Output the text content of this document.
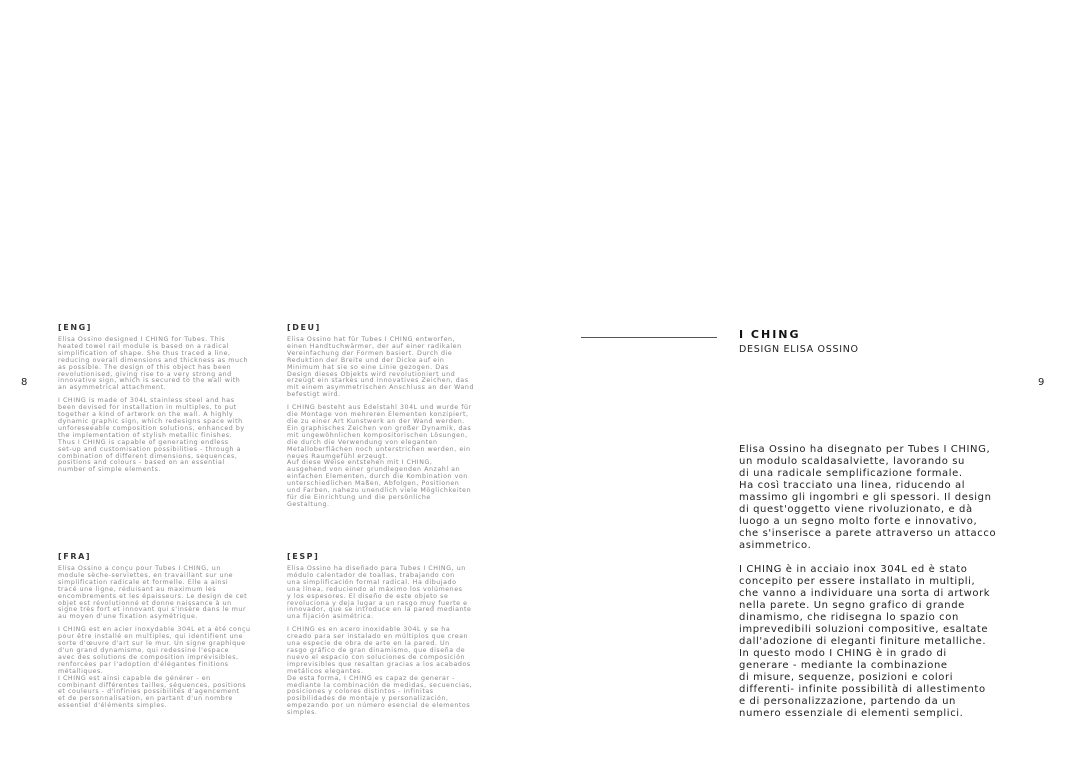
8	9
[ENG]

Elisa Ossino designed I CHING for Tubes. This
heated towel rail module is based on a radical
simplification of shape. She thus traced a line,
reducing overall dimensions and thickness as much
as possible. The design of this object has been
revolutionised, giving rise to a very strong and
innovative sign, which is secured to the wall with
an asymmetrical attachment.

I CHING is made of 304L stainless steel and has
been devised for installation in multiples, to put
together a kind of artwork on the wall. A highly
dynamic graphic sign, which redesigns space with
unforeseeable composition solutions, enhanced by
the implementation of stylish metallic finishes.
Thus I CHING is capable of generating endless
set-up and customisation possibilities - through a
combination of different dimensions, sequences,
positions and colours - based on an essential
number of simple elements.

[DEU]

Elisa Ossino hat für Tubes I CHING entworfen,
einen Handtuchwärmer, der auf einer radikalen
Vereinfachung der Formen basiert. Durch die
Reduktion der Breite und der Dicke auf ein
Minimum hat sie so eine Linie gezogen. Das
Design dieses Objekts wird revolutioniert und
erzeugt ein starkes und innovatives Zeichen, das
mit einem asymmetrischen Anschluss an der Wand
befestigt wird.

I CHING besteht aus Edelstahl 304L und wurde für
die Montage von mehreren Elementen konzipiert,
die zu einer Art Kunstwerk an der Wand werden.
Ein graphisches Zeichen von großer Dynamik, das
mit ungewöhnlichen kompositorischen Lösungen,
die durch die Verwendung von eleganten
Metalloberflächen noch unterstrichen werden, ein
neues Raumgefühl erzeugt.
Auf diese Weise entstehen mit I CHING,
ausgehend von einer grundlegenden Anzahl an
einfachen Elementen, durch die Kombination von
unterschiedlichen Maßen, Abfolgen, Positionen
und Farben, nahezu unendlich viele Möglichkeiten
für die Einrichtung und die persönliche
Gestaltung.

[FRA]

Elisa Ossino a conçu pour Tubes I CHING, un
module sèche-serviettes, en travaillant sur une
simplification radicale et formelle. Elle a ainsi
tracé une ligne, réduisant au maximum les
encombrements et les épaisseurs. Le design de cet
objet est révolutionné et donne naissance à un
signe très fort et innovant qui s'insère dans le mur
au moyen d'une fixation asymétrique.

I CHING est en acier inoxydable 304L et a été conçu
pour être installé en multiples, qui identifient une
sorte d'œuvre d'art sur le mur. Un signe graphique
d'un grand dynamisme, qui redessine l'espace
avec des solutions de composition imprévisibles,
renforcées par l'adoption d'élégantes finitions
métalliques.
I CHING est ainsi capable de générer - en
combinant différentes tailles, séquences, positions
et couleurs - d'infinies possibilités d'agencement
et de personnalisation, en partant d'un nombre
essentiel d'éléments simples.

[ESP]

Elisa Ossino ha diseñado para Tubes I CHING, un
módulo calentador de toallas, trabajando con
una simplificación formal radical. Ha dibujado
una línea, reduciendo al máximo los volúmenes
y los espesores. El diseño de este objeto se
revoluciona y deja lugar a un rasgo muy fuerte e
innovador, que se introduce en la pared mediante
una fijación asimétrica.

I CHING es en acero inoxidable 304L y se ha
creado para ser instalado en múltiplos que crean
una especie de obra de arte en la pared. Un
rasgo gráfico de gran dinamismo, que diseña de
nuevo el espacio con soluciones de composición
imprevisibles que resaltan gracias a los acabados
metálicos elegantes.
De esta forma, I CHING es capaz de generar -
mediante la combinación de medidas, secuencias,
posiciones y colores distintos - infinitas
posibilidades de montaje y personalización,
empezando por un número esencial de elementos
simples.

I CHING
DESIGN ELISA OSSINO

Elisa Ossino ha disegnato per Tubes I CHING,
un modulo scaldasalviette, lavorando su
di una radicale semplificazione formale.
Ha così tracciato una linea, riducendo al
massimo gli ingombri e gli spessori. Il design
di quest'oggetto viene rivoluzionato, e dà
luogo a un segno molto forte e innovativo,
che s'inserisce a parete attraverso un attacco
asimmetrico.

I CHING è in acciaio inox 304L ed è stato
concepito per essere installato in multipli,
che vanno a individuare una sorta di artwork
nella parete. Un segno grafico di grande
dinamismo, che ridisegna lo spazio con
imprevedibili soluzioni compositive, esaltate
dall'adozione di eleganti finiture metalliche.
In questo modo I CHING è in grado di
generare - mediante la combinazione
di misure, sequenze, posizioni e colori
differenti- infinite possibilità di allestimento
e di personalizzazione, partendo da un
numero essenziale di elementi semplici.
